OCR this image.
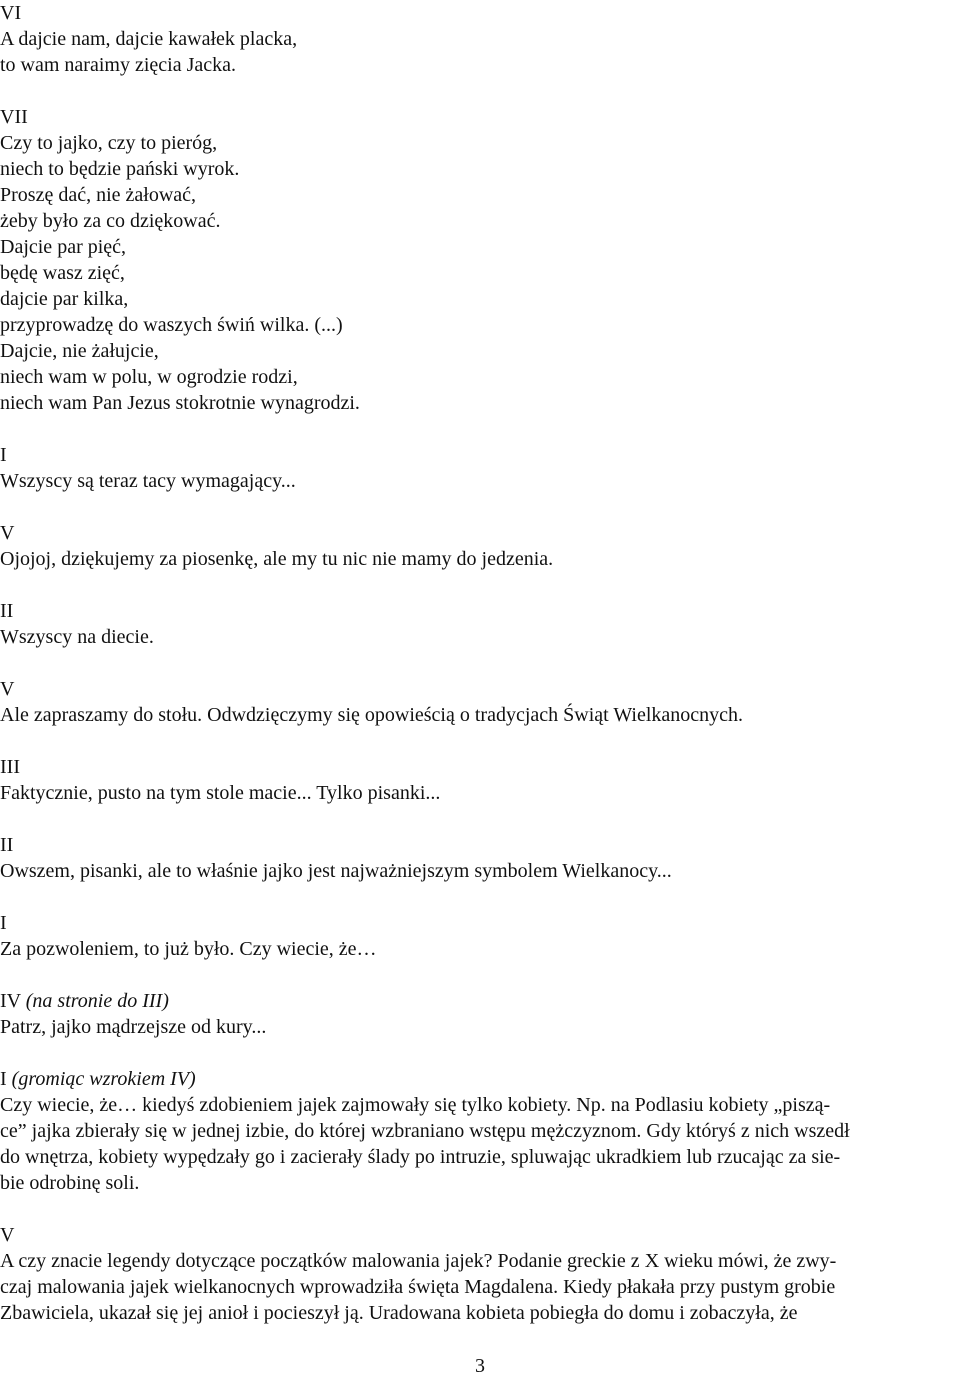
VI
A dajcie nam, dajcie kawałek placka,
to wam naraimy zięcia Jacka.
VII
Czy to jajko, czy to pieróg,
niech to będzie pański wyrok.
Proszę dać, nie żałować,
żeby było za co dziękować.
Dajcie par pięć,
będę wasz zięć,
dajcie par kilka,
przyprowadzę do waszych świń wilka. (...)
Dajcie, nie żałujcie,
niech wam w polu, w ogrodzie rodzi,
niech wam Pan Jezus stokrotnie wynagrodzi.
I
Wszyscy są teraz tacy wymagający...
V
Ojojoj, dziękujemy za piosenkę, ale my tu nic nie mamy do jedzenia.
II
Wszyscy na diecie.
V
Ale zapraszamy do stołu. Odwdzięczymy się opowieścią o tradycjach Świąt Wielkanocnych.
III
Faktycznie, pusto na tym stole macie... Tylko pisanki...
II
Owszem, pisanki, ale to właśnie jajko jest najważniejszym symbolem Wielkanocy...
I
Za pozwoleniem, to już było. Czy wiecie, że…
IV (na stronie do III)
Patrz, jajko mądrzejsze od kury...
I (gromiąc wzrokiem IV)
Czy wiecie, że… kiedyś zdobieniem jajek zajmowały się tylko kobiety. Np. na Podlasiu kobiety „piszą-
ce” jajka zbierały się w jednej izbie, do której wzbraniano wstępu mężczyznom. Gdy któryś z nich wszedł
do wnętrza, kobiety wypędzały go i zacierały ślady po intruzie, spluwając ukradkiem lub rzucając za sie-
bie odrobinę soli.
V
A czy znacie legendy dotyczące początków malowania jajek? Podanie greckie z X wieku mówi, że zwy-
czaj malowania jajek wielkanocnych wprowadziła święta Magdalena. Kiedy płakała przy pustym grobie
Zbawiciela, ukazał się jej anioł i pocieszył ją. Uradowana kobieta pobiegła do domu i zobaczyła, że
3
